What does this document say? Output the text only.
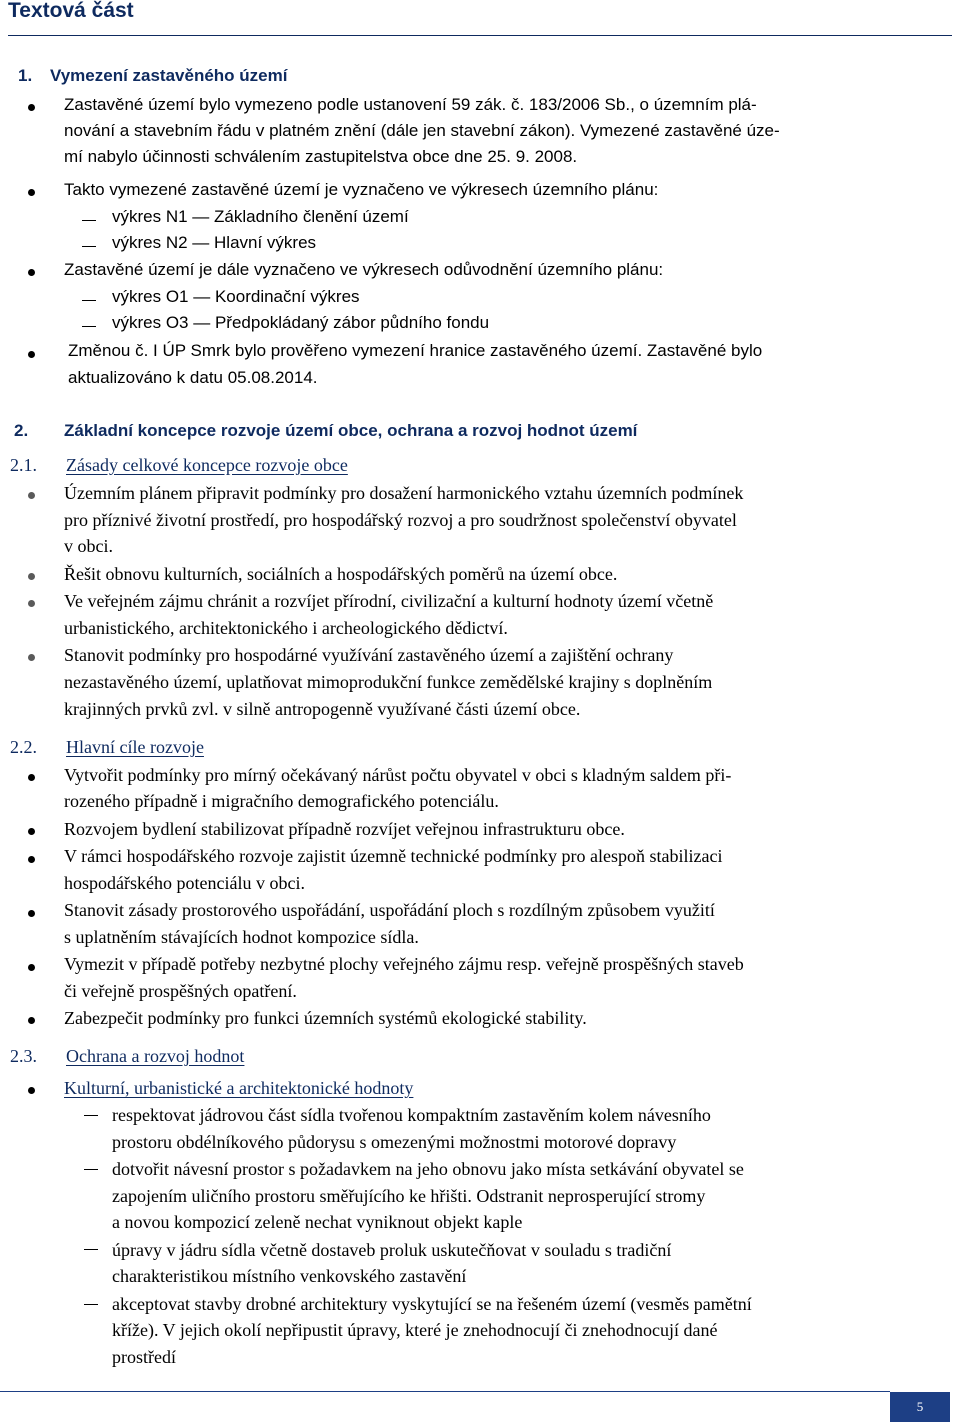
Textová část
1. Vymezení zastavěného území
Zastavěné území bylo vymezeno podle ustanovení 59 zák. č. 183/2006 Sb., o územním plá-
nování a stavebním řádu v platném znění (dále jen stavební zákon). Vymezené zastavěné úze-
mí nabylo účinnosti schválením zastupitelstva obce dne 25. 9. 2008.
Takto vymezené zastavěné území je vyznačeno ve výkresech územního plánu:
výkres N1 — Základního členění území
výkres N2 — Hlavní výkres
Zastavěné území je dále vyznačeno ve výkresech odůvodnění územního plánu:
výkres O1 — Koordinační výkres
výkres O3 — Předpokládaný zábor půdního fondu
Změnou č. I ÚP Smrk bylo prověřeno vymezení hranice zastavěného území. Zastavěné bylo
aktualizováno k datu 05.08.2014.
2. Základní koncepce rozvoje území obce, ochrana a rozvoj hodnot území
2.1. Zásady celkové koncepce rozvoje obce
Územním plánem připravit podmínky pro dosažení harmonického vztahu územních podmínek
pro příznivé životní prostředí, pro hospodářský rozvoj a pro soudržnost společenství obyvatel
v obci.
Řešit obnovu kulturních, sociálních a hospodářských poměrů na území obce.
Ve veřejném zájmu chránit a rozvíjet přírodní, civilizační a kulturní hodnoty území včetně
urbanistického, architektonického i archeologického dědictví.
Stanovit podmínky pro hospodárné využívání zastavěného území a zajištění ochrany
nezastavěného území, uplatňovat mimoprodukční funkce zemědělské krajiny s doplněním
krajinných prvků zvl. v silně antropogenně využívané části území obce.
2.2. Hlavní cíle rozvoje
Vytvořit podmínky pro mírný očekávaný nárůst počtu obyvatel v obci s kladným saldem při-
rozeného případně i migračního demografického potenciálu.
Rozvojem bydlení stabilizovat případně rozvíjet veřejnou infrastrukturu obce.
V rámci hospodářského rozvoje zajistit územně technické podmínky pro alespoň stabilizaci
hospodářského potenciálu v obci.
Stanovit zásady prostorového uspořádání, uspořádání ploch s rozdílným způsobem využití
s uplatněním stávajících hodnot kompozice sídla.
Vymezit v případě potřeby nezbytné plochy veřejného zájmu resp. veřejně prospěšných staveb
či veřejně prospěšných opatření.
Zabezpečit podmínky pro funkci územních systémů ekologické stability.
2.3. Ochrana a rozvoj hodnot
Kulturní, urbanistické a architektonické hodnoty
respektovat jádrovou část sídla tvořenou kompaktním zastavěním kolem návesního
prostoru obdélníkového půdorysu s omezenými možnostmi motorové dopravy
dotvořit návesní prostor s požadavkem na jeho obnovu jako místa setkávání obyvatel se
zapojením uličního prostoru směřujícího ke hřišti. Odstranit neprosperující stromy
a novou kompozicí zeleně nechat vyniknout objekt kaple
úpravy v jádru sídla včetně dostaveb proluk uskutečňovat v souladu s tradiční
charakteristikou místního venkovského zastavění
akceptovat stavby drobné architektury vyskytující se na řešeném území (vesměs pamětní
kříže). V jejich okolí nepřipustit úpravy, které je znehodnocují či znehodnocují dané
prostředí
5
